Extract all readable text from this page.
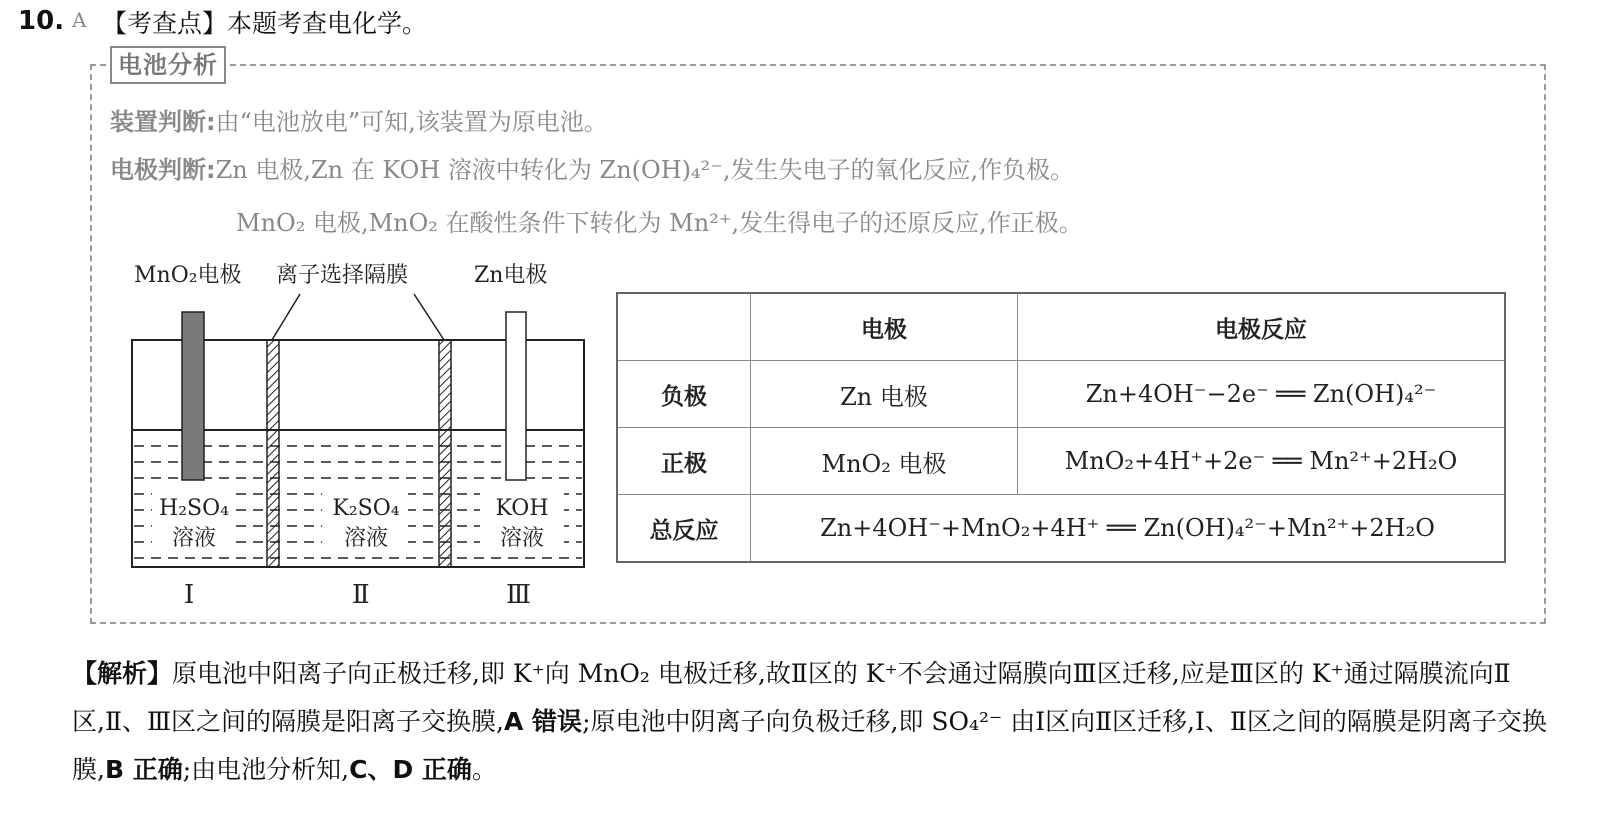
10. A 【考查点】本题考查电化学。
电池分析
装置判断:由“电池放电”可知,该装置为原电池。
电极判断:Zn 电极,Zn 在 KOH 溶液中转化为 Zn(OH)₄²⁻,发生失电子的氧化反应,作负极。
MnO₂ 电极,MnO₂ 在酸性条件下转化为 Mn²⁺,发生得电子的还原反应,作正极。
MnO₂电极 离子选择隔膜	Zn电极
H₂SO₄
溶液
K₂SO₄
溶液
KOH
溶液
Ⅰ	Ⅱ	Ⅲ
	电极	电极反应
负极	Zn 电极	Zn+4OH⁻−2e⁻ ══ Zn(OH)₄²⁻
正极	MnO₂ 电极	MnO₂+4H⁺+2e⁻ ══ Mn²⁺+2H₂O
总反应	Zn+4OH⁻+MnO₂+4H⁺ ══ Zn(OH)₄²⁻+Mn²⁺+2H₂O	
【解析】原电池中阳离子向正极迁移,即 K⁺向 MnO₂ 电极迁移,故Ⅱ区的 K⁺不会通过隔膜向Ⅲ区迁移,应是Ⅲ区的 K⁺通过隔膜流向Ⅱ区,Ⅱ、Ⅲ区之间的隔膜是阳离子交换膜,A 错误;原电池中阴离子向负极迁移,即 SO₄²⁻ 由Ⅰ区向Ⅱ区迁移,Ⅰ、Ⅱ区之间的隔膜是阴离子交换膜,B 正确;由电池分析知,C、D 正确。
